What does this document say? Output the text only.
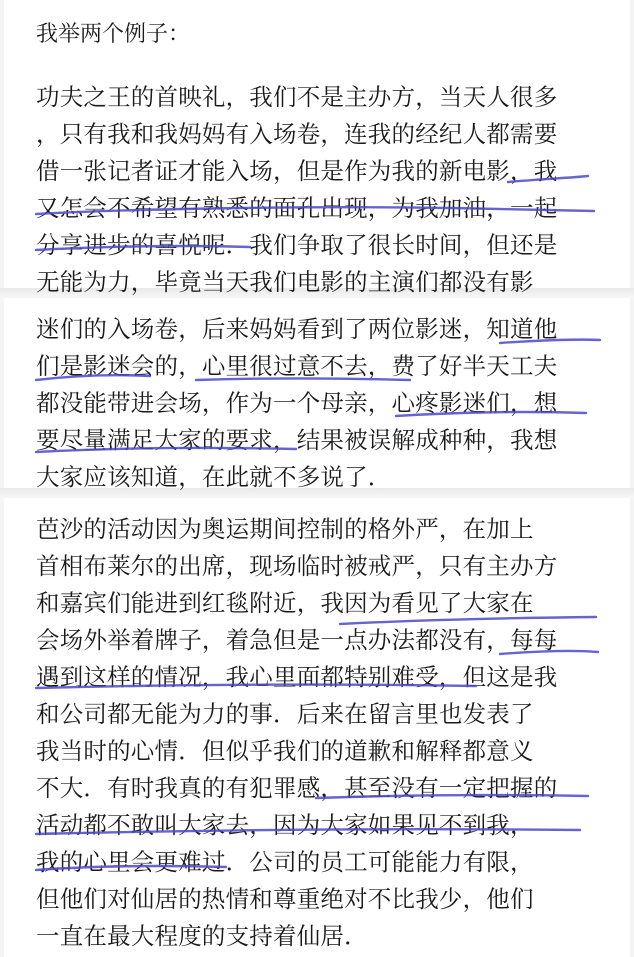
我举两个例子：
功夫之王的首映礼，我们不是主办方，当天人很多
，只有我和我妈妈有入场卷，连我的经纪人都需要
借一张记者证才能入场，但是作为我的新电影，我
又怎会不希望有熟悉的面孔出现，为我加油，一起
分享进步的喜悦呢．我们争取了很长时间，但还是
无能为力，毕竟当天我们电影的主演们都没有影
迷们的入场卷，后来妈妈看到了两位影迷，知道他
们是影迷会的，心里很过意不去，费了好半天工夫
都没能带进会场，作为一个母亲，心疼影迷们，想
要尽量满足大家的要求，结果被误解成种种，我想
大家应该知道，在此就不多说了．
芭沙的活动因为奥运期间控制的格外严，在加上
首相布莱尔的出席，现场临时被戒严，只有主办方
和嘉宾们能进到红毯附近，我因为看见了大家在
会场外举着牌子，着急但是一点办法都没有，每每
遇到这样的情况，我心里面都特别难受，但这是我
和公司都无能为力的事．后来在留言里也发表了
我当时的心情．但似乎我们的道歉和解释都意义
不大．有时我真的有犯罪感，甚至没有一定把握的
活动都不敢叫大家去，因为大家如果见不到我，
我的心里会更难过．公司的员工可能能力有限，
但他们对仙居的热情和尊重绝对不比我少，他们
一直在最大程度的支持着仙居．
